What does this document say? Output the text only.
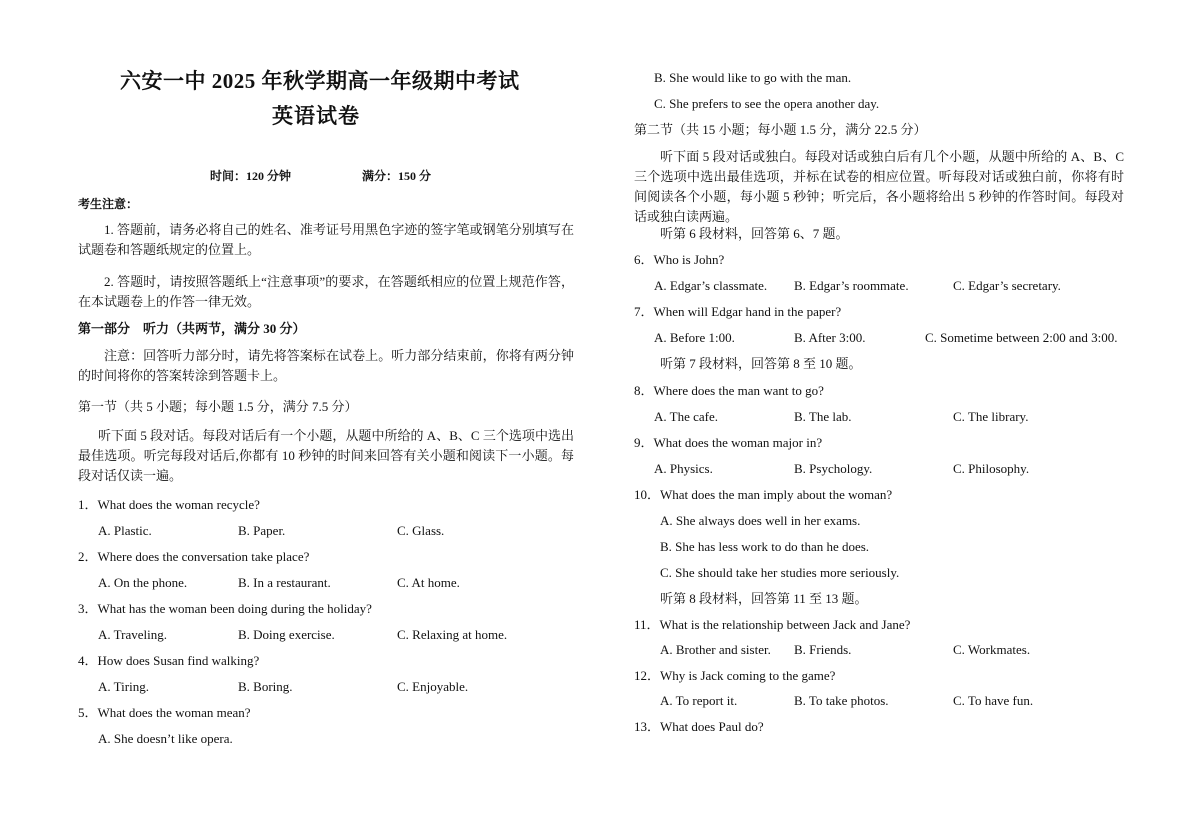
六安一中 2025 年秋学期高一年级期中考试
英语试卷
时间：120 分钟	满分：150 分
考生注意：
1. 答题前，请务必将自己的姓名、准考证号用黑色字迹的签字笔或钢笔分别填写在试题卷和答题纸规定的位置上。
2. 答题时，请按照答题纸上“注意事项”的要求，在答题纸相应的位置上规范作答，在本试题卷上的作答一律无效。
第一部分　听力（共两节，满分 30 分）
注意：回答听力部分时，请先将答案标在试卷上。听力部分结束前，你将有两分钟的时间将你的答案转涂到答题卡上。
第一节（共 5 小题；每小题 1.5 分，满分 7.5 分）
听下面 5 段对话。每段对话后有一个小题，从题中所给的 A、B、C 三个选项中选出最佳选项。听完每段对话后,你都有 10 秒钟的时间来回答有关小题和阅读下一小题。每段对话仅读一遍。
1．What does the woman recycle?
A. Plastic.	B. Paper.	C. Glass.
2．Where does the conversation take place?
A. On the phone.	B. In a restaurant.	C. At home.
3．What has the woman been doing during the holiday?
A. Traveling.	B. Doing exercise.	C. Relaxing at home.
4．How does Susan find walking?
A. Tiring.	B. Boring.	C. Enjoyable.
5．What does the woman mean?
A. She doesn’t like opera.
B. She would like to go with the man.
C. She prefers to see the opera another day.
第二节（共 15 小题；每小题 1.5 分，满分 22.5 分）
听下面 5 段对话或独白。每段对话或独白后有几个小题，从题中所给的 A、B、C 三个选项中选出最佳选项，并标在试卷的相应位置。听每段对话或独白前，你将有时间阅读各个小题，每小题 5 秒钟；听完后，各小题将给出 5 秒钟的作答时间。每段对话或独白读两遍。
听第 6 段材料，回答第 6、7 题。
6．Who is John?
A. Edgar’s classmate. B. Edgar’s roommate.	C. Edgar’s secretary.
7．When will Edgar hand in the paper?
A. Before 1:00.	B. After 3:00.	C. Sometime between 2:00 and 3:00.
听第 7 段材料，回答第 8 至 10 题。
8．Where does the man want to go?
A. The cafe.	B. The lab.	C. The library.
9．What does the woman major in?
A. Physics.	B. Psychology.	C. Philosophy.
10．What does the man imply about the woman?
A. She always does well in her exams.
B. She has less work to do than he does.
C. She should take her studies more seriously.
听第 8 段材料，回答第 11 至 13 题。
11．What is the relationship between Jack and Jane?
A. Brother and sister. B. Friends.	C. Workmates.
12．Why is Jack coming to the game?
A. To report it.	B. To take photos.	C. To have fun.
13．What does Paul do?
